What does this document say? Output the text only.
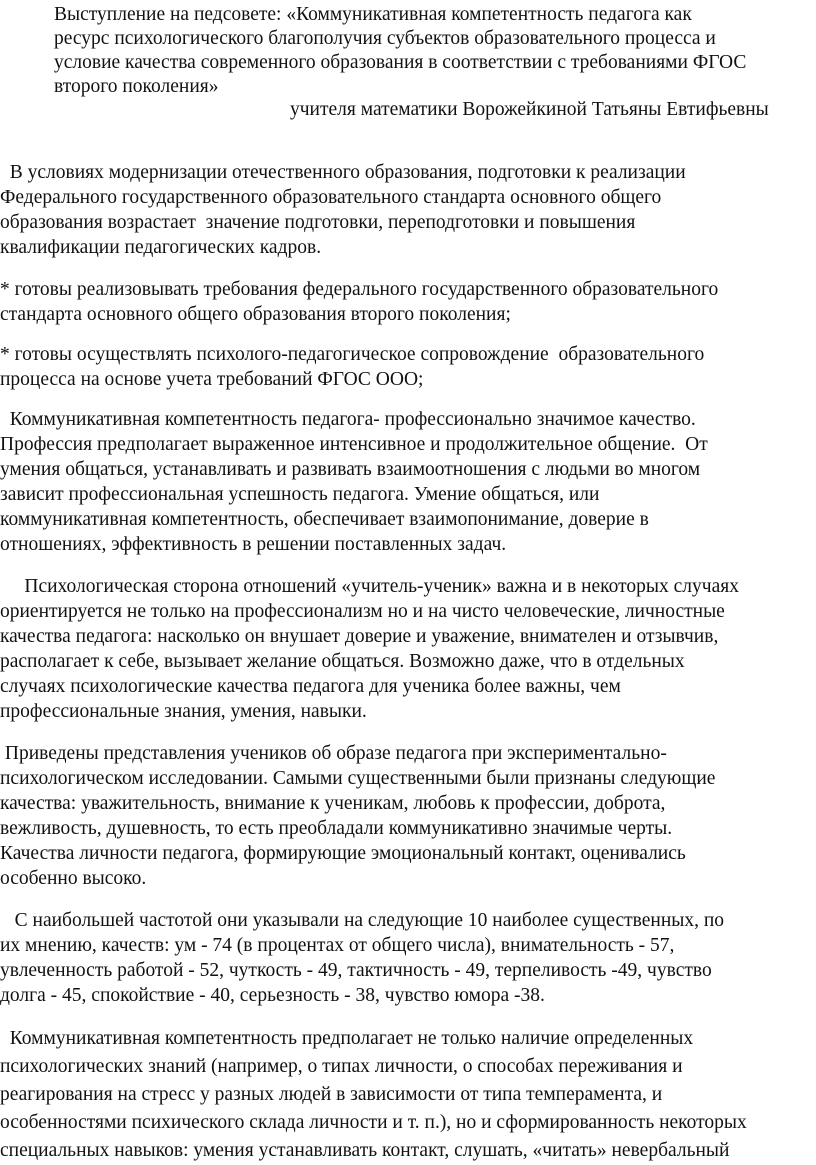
Выступление на педсовете: «Коммуникативная компетентность педагога как
ресурс психологического благополучия субъектов образовательного процесса и
условие качества современного образования в соответствии с требованиями ФГОС
второго поколения»
учителя математики Ворожейкиной Татьяны Евтифьевны

В условиях модернизации отечественного образования, подготовки к реализации
Федерального государственного образовательного стандарта основного общего
образования возрастает  значение подготовки, переподготовки и повышения
квалификации педагогических кадров.

* готовы реализовывать требования федерального государственного образовательного
стандарта основного общего образования второго поколения;

* готовы осуществлять психолого-педагогическое сопровождение  образовательного
процесса на основе учета требований ФГОС ООО;

Коммуникативная компетентность педагога- профессионально значимое качество.
Профессия предполагает выраженное интенсивное и продолжительное общение.  От
умения общаться, устанавливать и развивать взаимоотношения с людьми во многом
зависит профессиональная успешность педагога. Умение общаться, или
коммуникативная компетентность, обеспечивает взаимопонимание, доверие в
отношениях, эффективность в решении поставленных задач.

Психологическая сторона отношений «учитель-ученик» важна и в некоторых случаях
ориентируется не только на профессионализм но и на чисто человеческие, личностные
качества педагога: насколько он внушает доверие и уважение, внимателен и отзывчив,
располагает к себе, вызывает желание общаться. Возможно даже, что в отдельных
случаях психологические качества педагога для ученика более важны, чем
профессиональные знания, умения, навыки.

Приведены представления учеников об образе педагога при экспериментально-
психологическом исследовании. Самыми существенными были признаны следующие
качества: уважительность, внимание к ученикам, любовь к профессии, доброта,
вежливость, душевность, то есть преобладали коммуникативно значимые черты.
Качества личности педагога, формирующие эмоциональный контакт, оценивались
особенно высоко.

С наибольшей частотой они указывали на следующие 10 наиболее существенных, по
их мнению, качеств: ум - 74 (в процентах от общего числа), внимательность - 57,
увлеченность работой - 52, чуткость - 49, тактичность - 49, терпеливость -49, чувство
долга - 45, спокойствие - 40, серьезность - 38, чувство юмора -38.

Коммуникативная компетентность предполагает не только наличие определенных
психологических знаний (например, о типах личности, о способах переживания и
реагирования на стресс у разных людей в зависимости от типа темперамента, и
особенностями психического склада личности и т. п.), но и сформированность некоторых
специальных навыков: умения устанавливать контакт, слушать, «читать» невербальный
